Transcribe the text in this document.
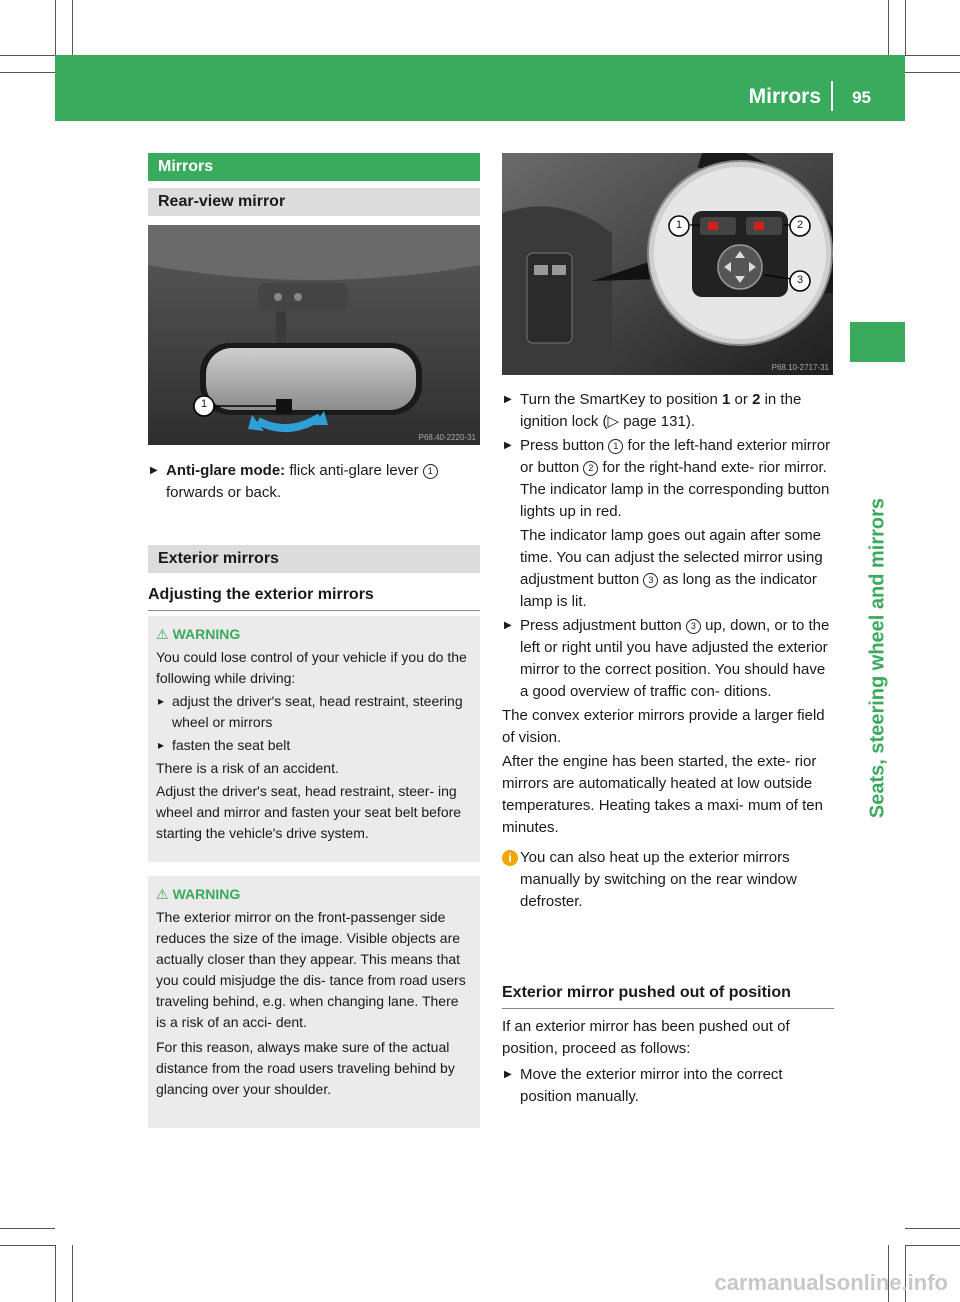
Mirrors 95
Seats, steering wheel and mirrors
Mirrors
Rear-view mirror
1
P68.40-2220-31
▶ Anti-glare mode: flick anti-glare lever 1
forwards or back.
Exterior mirrors
Adjusting the exterior mirrors
⚠ WARNING

You could lose control of your vehicle if you do the following while driving:

▸ adjust the driver's seat, head restraint, steering wheel or mirrors

▸ fasten the seat belt

There is a risk of an accident.

Adjust the driver's seat, head restraint, steer- ing wheel and mirror and fasten your seat belt before starting the vehicle's drive system.

⚠ WARNING

The exterior mirror on the front-passenger side reduces the size of the image. Visible objects are actually closer than they appear. This means that you could misjudge the dis- tance from road users traveling behind, e.g. when changing lane. There is a risk of an acci- dent.

For this reason, always make sure of the actual distance from the road users traveling behind by glancing over your shoulder.

1	2
3
P68.10-2717-31

▶ Turn the SmartKey to position 1 or 2 in the ignition lock (▷ page 131).

▶ Press button 1 for the left-hand exterior mirror or button 2 for the right-hand exte- rior mirror.

The indicator lamp in the corresponding button lights up in red.

The indicator lamp goes out again after some time. You can adjust the selected mirror using adjustment button 3 as long as the indicator lamp is lit.

▶ Press adjustment button 3 up, down, or to the left or right until you have adjusted the exterior mirror to the correct position. You should have a good overview of traffic con- ditions.

The convex exterior mirrors provide a larger field of vision.

After the engine has been started, the exte- rior mirrors are automatically heated at low outside temperatures. Heating takes a maxi- mum of ten minutes.

i You can also heat up the exterior mirrors manually by switching on the rear window defroster.

Exterior mirror pushed out of position

If an exterior mirror has been pushed out of position, proceed as follows:

▶ Move the exterior mirror into the correct position manually.

carmanualsonline.info
